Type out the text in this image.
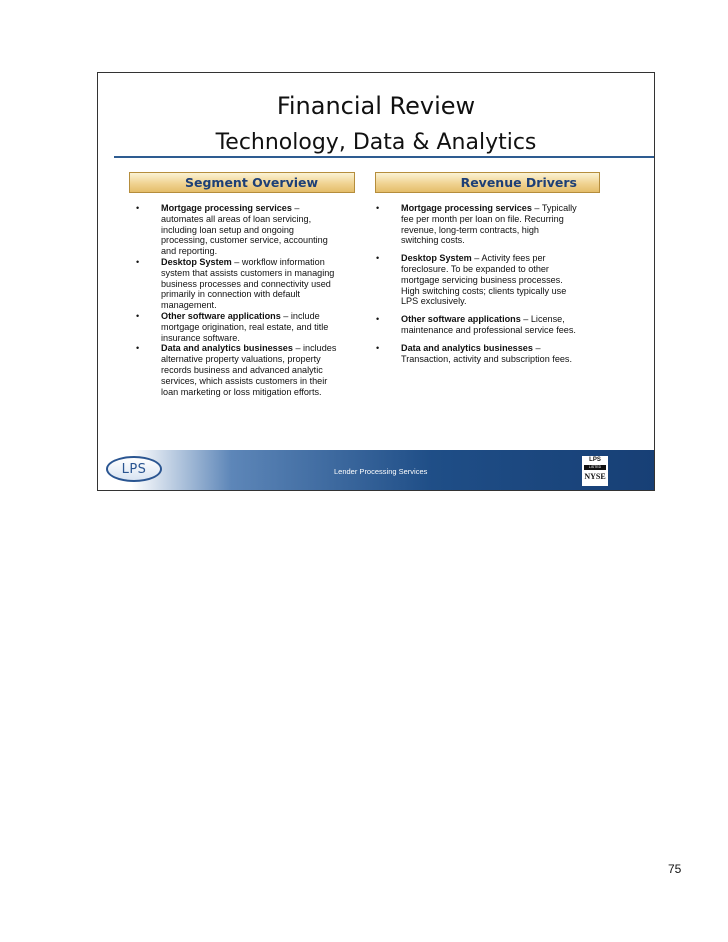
Financial Review
Technology, Data & Analytics
Segment Overview	Revenue Drivers
• Mortgage processing services –
automates all areas of loan servicing,
including loan setup and ongoing
processing, customer service, accounting
and reporting.
• Desktop System – workflow information
system that assists customers in managing
business processes and connectivity used
primarily in connection with default
management.
• Other software applications – include
mortgage origination, real estate, and title
insurance software.
• Data and analytics businesses – includes
alternative property valuations, property
records business and advanced analytic
services, which assists customers in their
loan marketing or loss mitigation efforts.
• Mortgage processing services – Typically
fee per month per loan on file. Recurring
revenue, long-term contracts, high
switching costs.
• Desktop System – Activity fees per
foreclosure. To be expanded to other
mortgage servicing business processes.
High switching costs; clients typically use
LPS exclusively.
• Other software applications – License,
maintenance and professional service fees.
• Data and analytics businesses –
Transaction, activity and subscription fees.
LPS	Lender Processing Services
LPS
LISTED
NYSE
75
